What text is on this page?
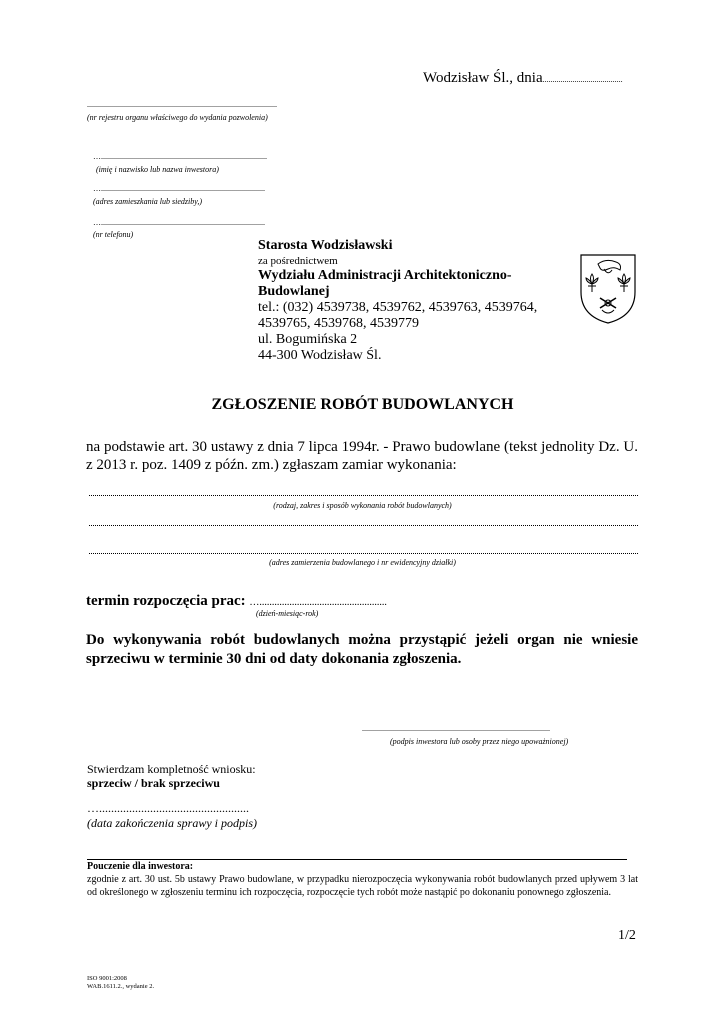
Wodzisław Śl., dnia........................................
...............................................................................................
(nr rejestru organu właściwego do wydania pozwolenia)
…...................................................................................
(imię i nazwisko lub nazwa inwestora)
…..................................................................................
(adres zamieszkania lub siedziby,)
…..................................................................................
(nr telefonu)
Starosta Wodzisławski
za pośrednictwem
Wydziału Administracji Architektoniczno-
Budowlanej
tel.: (032) 4539738, 4539762, 4539763, 4539764,
4539765, 4539768, 4539779
ul. Bogumińska 2
44-300 Wodzisław Śl.
ZGŁOSZENIE ROBÓT BUDOWLANYCH
na podstawie art. 30 ustawy z dnia 7 lipca 1994r. - Prawo budowlane (tekst jednolity Dz. U. z 2013 r. poz. 1409 z późn. zm.) zgłaszam zamiar wykonania:
(rodzaj, zakres i sposób wykonania robót budowlanych)
(adres zamierzenia budowlanego i nr ewidencyjny działki)
termin rozpoczęcia prac: …...................................................
(dzień-miesiąc-rok)
Do wykonywania robót budowlanych można przystąpić jeżeli organ nie wniesie sprzeciwu w terminie 30 dni od daty dokonania zgłoszenia.
..............................................................................................
(podpis inwestora lub osoby przez niego upoważnionej)
Stwierdzam kompletność wniosku:
sprzeciw / brak sprzeciwu
…..................................................
(data zakończenia sprawy i podpis)
Pouczenie dla inwestora:
zgodnie z art. 30 ust. 5b ustawy Prawo budowlane, w przypadku nierozpoczęcia wykonywania robót budowlanych przed upływem 3 lat od określonego w zgłoszeniu terminu ich rozpoczęcia, rozpoczęcie tych robót może nastąpić po dokonaniu ponownego zgłoszenia.
1/2
ISO 9001:2008
WAB.1611.2., wydanie 2.
